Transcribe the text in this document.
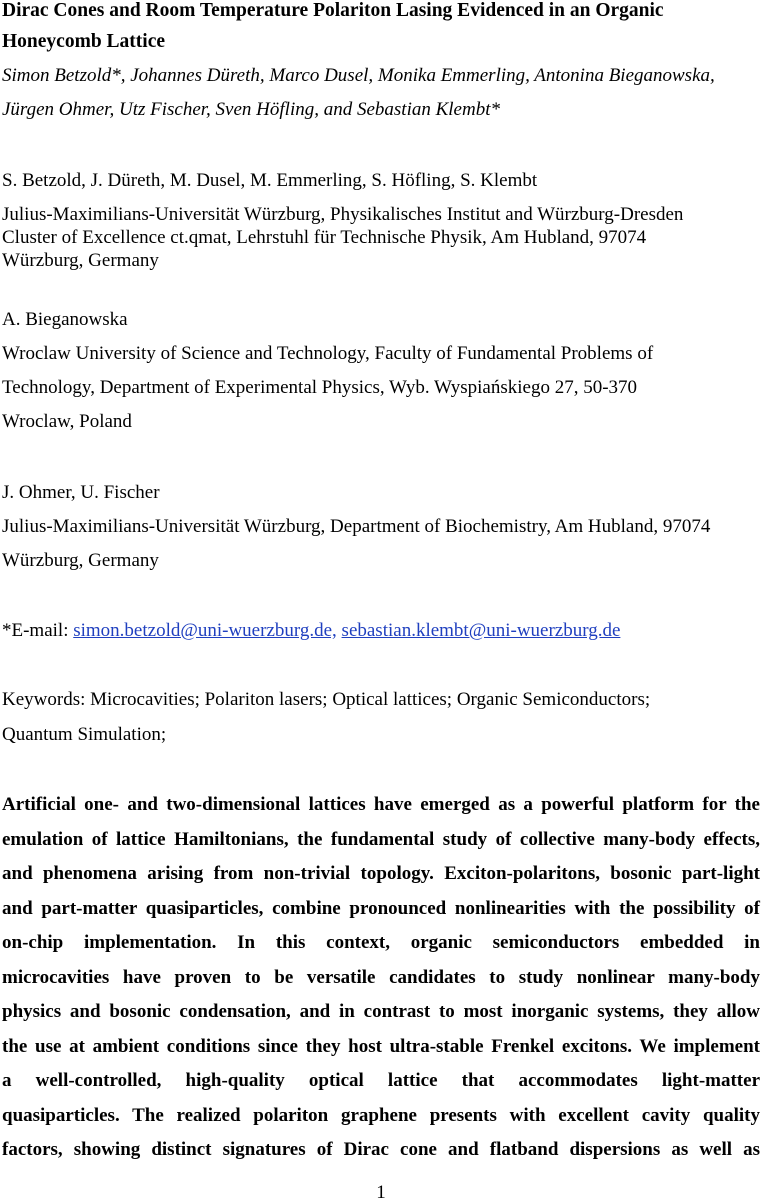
Dirac Cones and Room Temperature Polariton Lasing Evidenced in an Organic
Honeycomb Lattice
Simon Betzold*, Johannes Düreth, Marco Dusel, Monika Emmerling, Antonina Bieganowska,
Jürgen Ohmer, Utz Fischer, Sven Höfling, and Sebastian Klembt*
S. Betzold, J. Düreth, M. Dusel, M. Emmerling, S. Höfling, S. Klembt
Julius-Maximilians-Universität Würzburg, Physikalisches Institut and Würzburg-Dresden
Cluster of Excellence ct.qmat, Lehrstuhl für Technische Physik, Am Hubland, 97074
Würzburg, Germany
A. Bieganowska
Wroclaw University of Science and Technology, Faculty of Fundamental Problems of
Technology, Department of Experimental Physics, Wyb. Wyspiańskiego 27, 50-370
Wroclaw, Poland
J. Ohmer, U. Fischer
Julius-Maximilians-Universität Würzburg, Department of Biochemistry, Am Hubland, 97074
Würzburg, Germany
*E-mail: simon.betzold@uni-wuerzburg.de, sebastian.klembt@uni-wuerzburg.de
Keywords: Microcavities; Polariton lasers; Optical lattices; Organic Semiconductors;
Quantum Simulation;
Artificial one- and two-dimensional lattices have emerged as a powerful platform for the
emulation of lattice Hamiltonians, the fundamental study of collective many-body effects,
and phenomena arising from non-trivial topology. Exciton-polaritons, bosonic part-light
and part-matter quasiparticles, combine pronounced nonlinearities with the possibility of
on-chip implementation. In this context, organic semiconductors embedded in
microcavities have proven to be versatile candidates to study nonlinear many-body
physics and bosonic condensation, and in contrast to most inorganic systems, they allow
the use at ambient conditions since they host ultra-stable Frenkel excitons. We implement
a well-controlled, high-quality optical lattice that accommodates light-matter
quasiparticles. The realized polariton graphene presents with excellent cavity quality
factors, showing distinct signatures of Dirac cone and flatband dispersions as well as
1
